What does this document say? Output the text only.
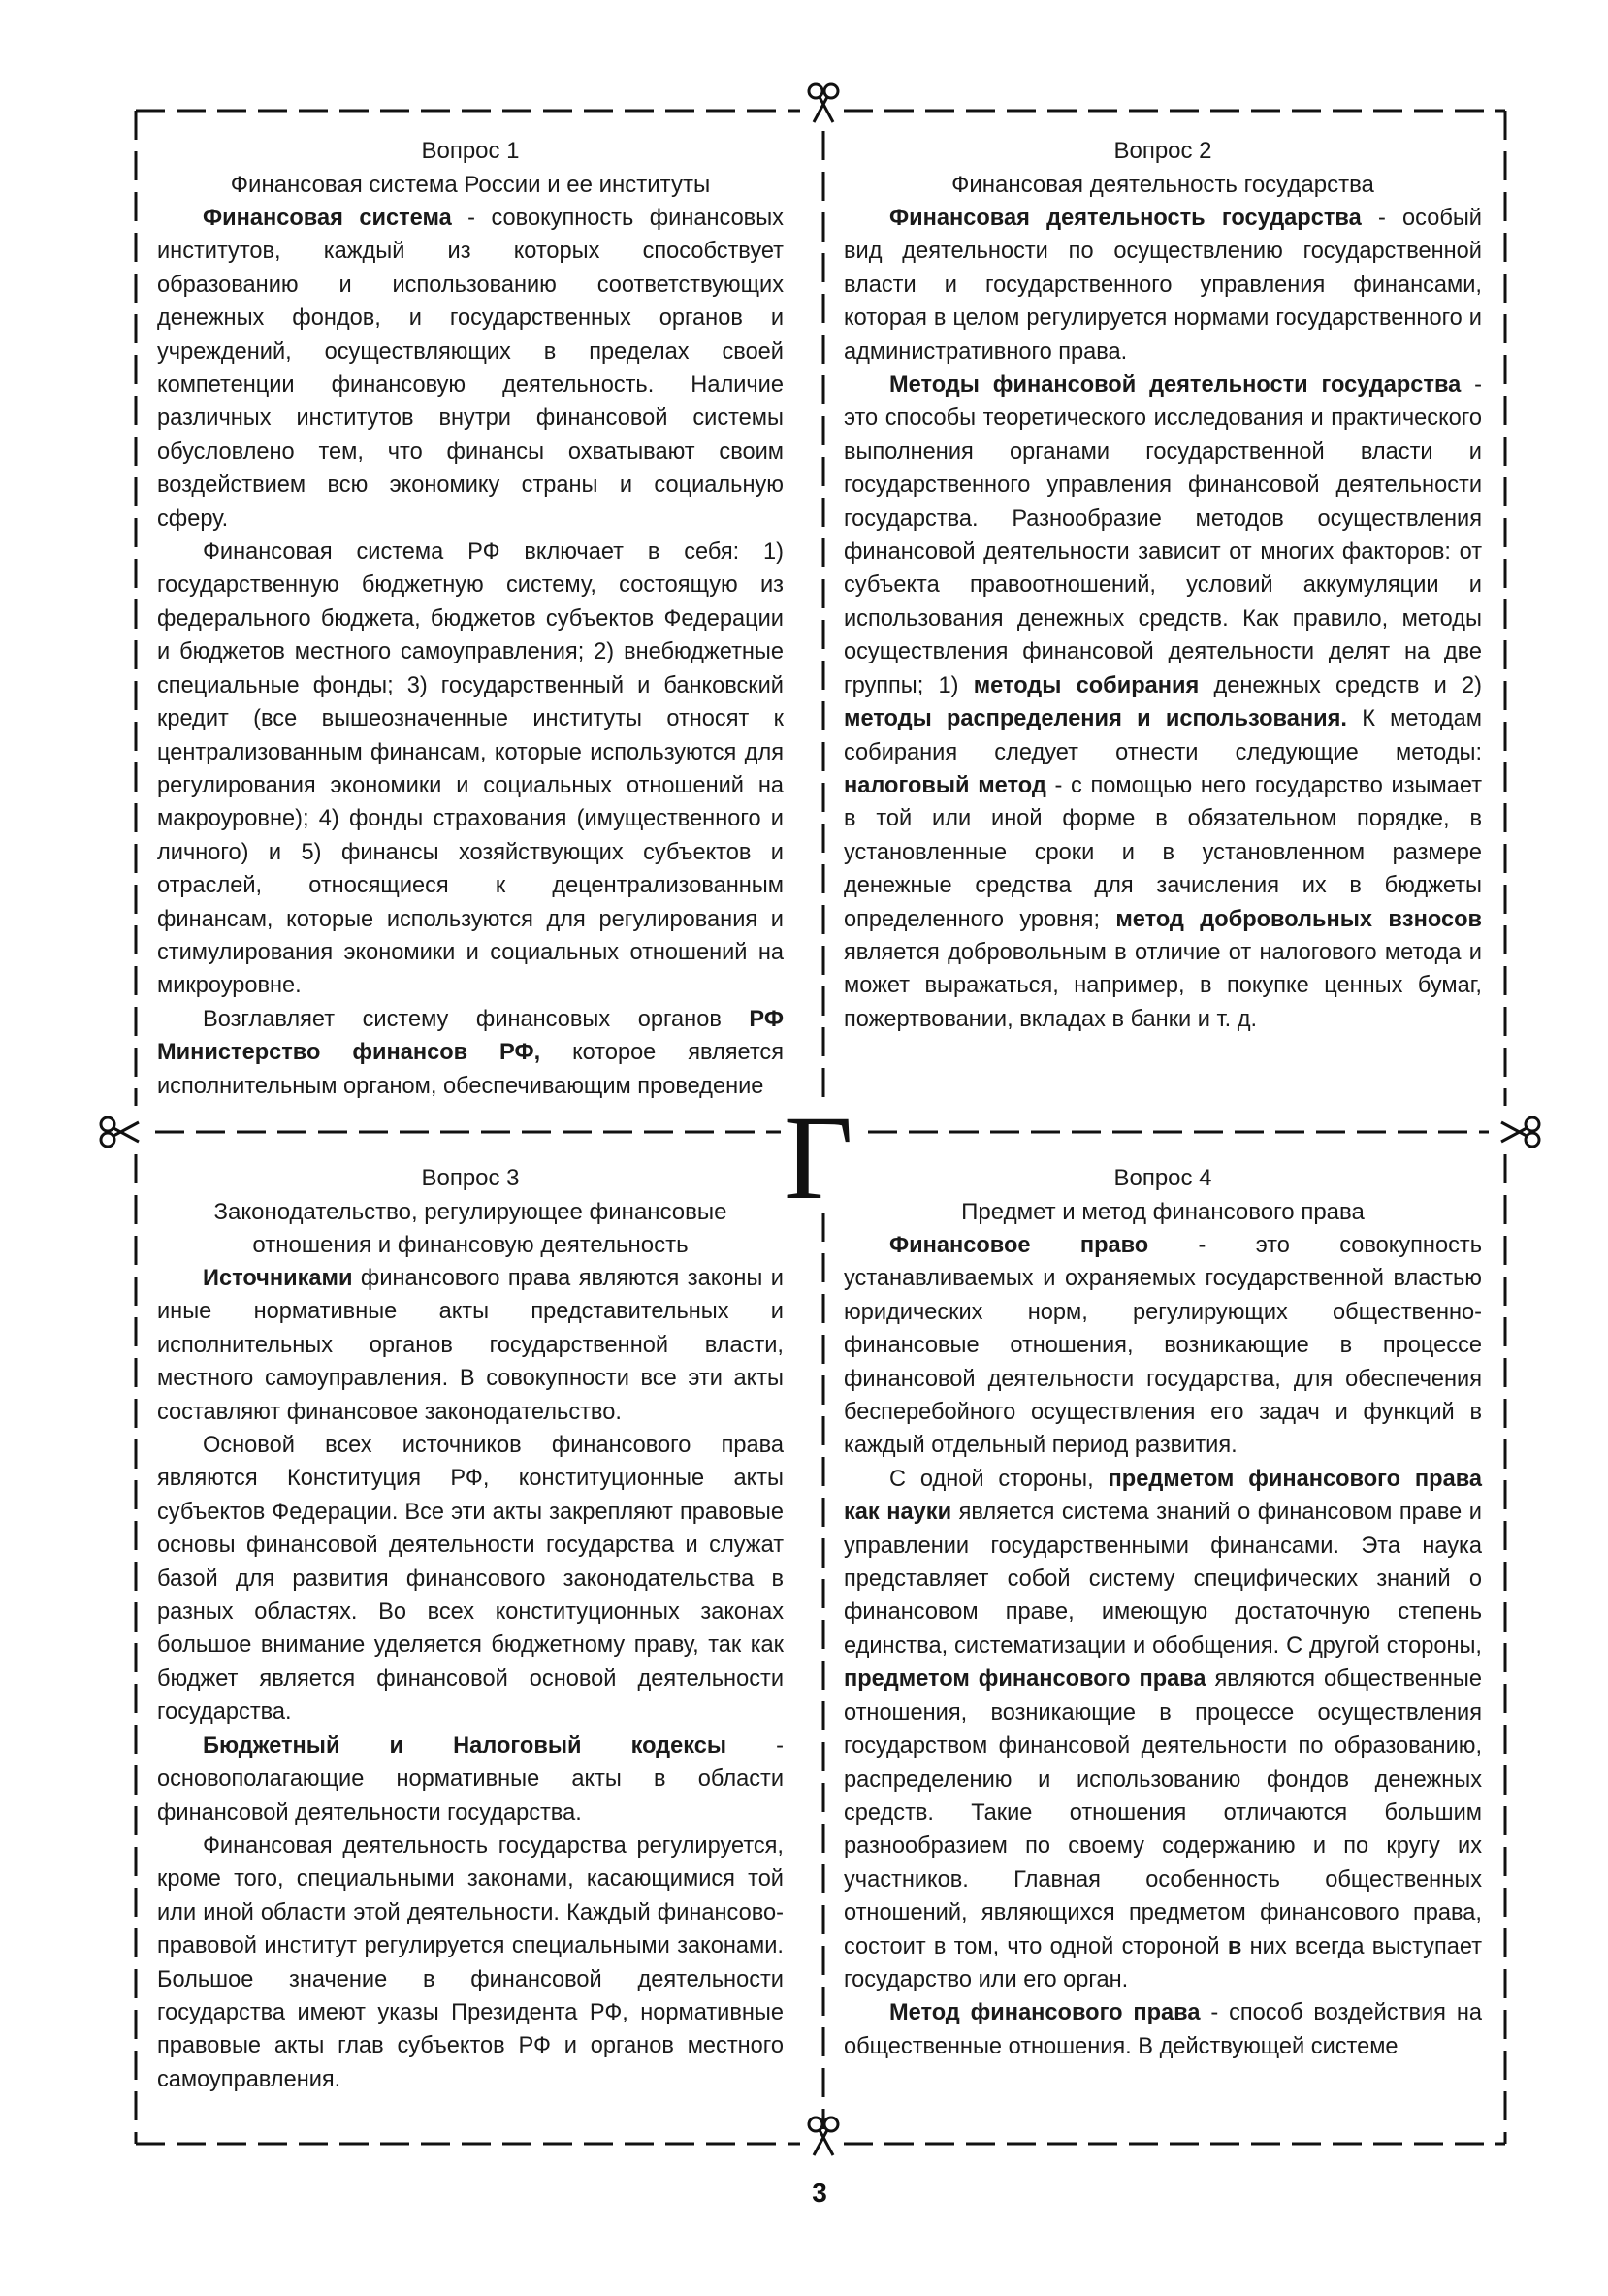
Г
Вопрос 1
Финансовая система России и ее институты

Финансовая система - совокупность финансовых институтов, каждый из которых способствует образованию и использованию соответствующих денежных фондов, и государственных органов и учреждений, осуществляющих в пределах своей компетенции финансовую деятельность. Наличие различных институтов внутри финансовой системы обусловлено тем, что финансы охватывают своим воздействием всю экономику страны и социальную сферу.

Финансовая система РФ включает в себя: 1) государственную бюджетную систему, состоящую из федерального бюджета, бюджетов субъектов Федерации и бюджетов местного самоуправления; 2) внебюджетные специальные фонды; 3) государственный и банковский кредит (все вышеозначенные институты относят к централизованным финансам, которые используются для регулирования экономики и социальных отношений на макроуровне); 4) фонды страхования (имущественного и личного) и 5) финансы хозяйствующих субъектов и отраслей, относящиеся к децентрализованным финансам, которые используются для регулирования и стимулирования экономики и социальных отношений на микроуровне.

Возглавляет систему финансовых органов РФ Министерство финансов РФ, которое является исполнительным органом, обеспечивающим проведение

Вопрос 2
Финансовая деятельность государства

Финансовая деятельность государства - особый вид деятельности по осуществлению государственной власти и государственного управления финансами, которая в целом регулируется нормами государственного и административного права.

Методы финансовой деятельности государства - это способы теоретического исследования и практического выполнения органами государственной власти и государственного управления финансовой деятельности государства. Разнообразие методов осуществления финансовой деятельности зависит от многих факторов: от субъекта правоотношений, условий аккумуляции и использования денежных средств. Как правило, методы осуществления финансовой деятельности делят на две группы; 1) методы собирания денежных средств и 2) методы распределения и использования. К методам собирания следует отнести следующие методы: налоговый метод - с помощью него государство изымает в той или иной форме в обязательном порядке, в установленные сроки и в установленном размере денежные средства для зачисления их в бюджеты определенного уровня; метод добровольных взносов является добровольным в отличие от налогового метода и может выражаться, например, в покупке ценных бумаг, пожертвовании, вкладах в банки и т. д.

Вопрос 3
Законодательство, регулирующее финансовые отношения и финансовую деятельность

Источниками финансового права являются законы и иные нормативные акты представительных и исполнительных органов государственной власти, местного самоуправления. В совокупности все эти акты составляют финансовое законодательство.

Основой всех источников финансового права являются Конституция РФ, конституционные акты субъектов Федерации. Все эти акты закрепляют правовые основы финансовой деятельности государства и служат базой для развития финансового законодательства в разных областях. Во всех конституционных законах большое внимание уделяется бюджетному праву, так как бюджет является финансовой основой деятельности государства.

Бюджетный и Налоговый кодексы - основополагающие нормативные акты в области финансовой деятельности государства.

Финансовая деятельность государства регулируется, кроме того, специальными законами, касающимися той или иной области этой деятельности. Каждый финансово-правовой институт регулируется специальными законами. Большое значение в финансовой деятельности государства имеют указы Президента РФ, нормативные правовые акты глав субъектов РФ и органов местного самоуправления.

Вопрос 4
Предмет и метод финансового права

Финансовое право - это совокупность устанавливаемых и охраняемых государственной властью юридических норм, регулирующих общественно-финансовые отношения, возникающие в процессе финансовой деятельности государства, для обеспечения бесперебойного осуществления его задач и функций в каждый отдельный период развития.

С одной стороны, предметом финансового права как науки является система знаний о финансовом праве и управлении государственными финансами. Эта наука представляет собой систему специфических знаний о финансовом праве, имеющую достаточную степень единства, систематизации и обобщения. С другой стороны, предметом финансового права являются общественные отношения, возникающие в процессе осуществления государством финансовой деятельности по образованию, распределению и использованию фондов денежных средств. Такие отношения отличаются большим разнообразием по своему содержанию и по кругу их участников. Главная особенность общественных отношений, являющихся предметом финансового права, состоит в том, что одной стороной в них всегда выступает государство или его орган.

Метод финансового права - способ воздействия на общественные отношения. В действующей системе

3
